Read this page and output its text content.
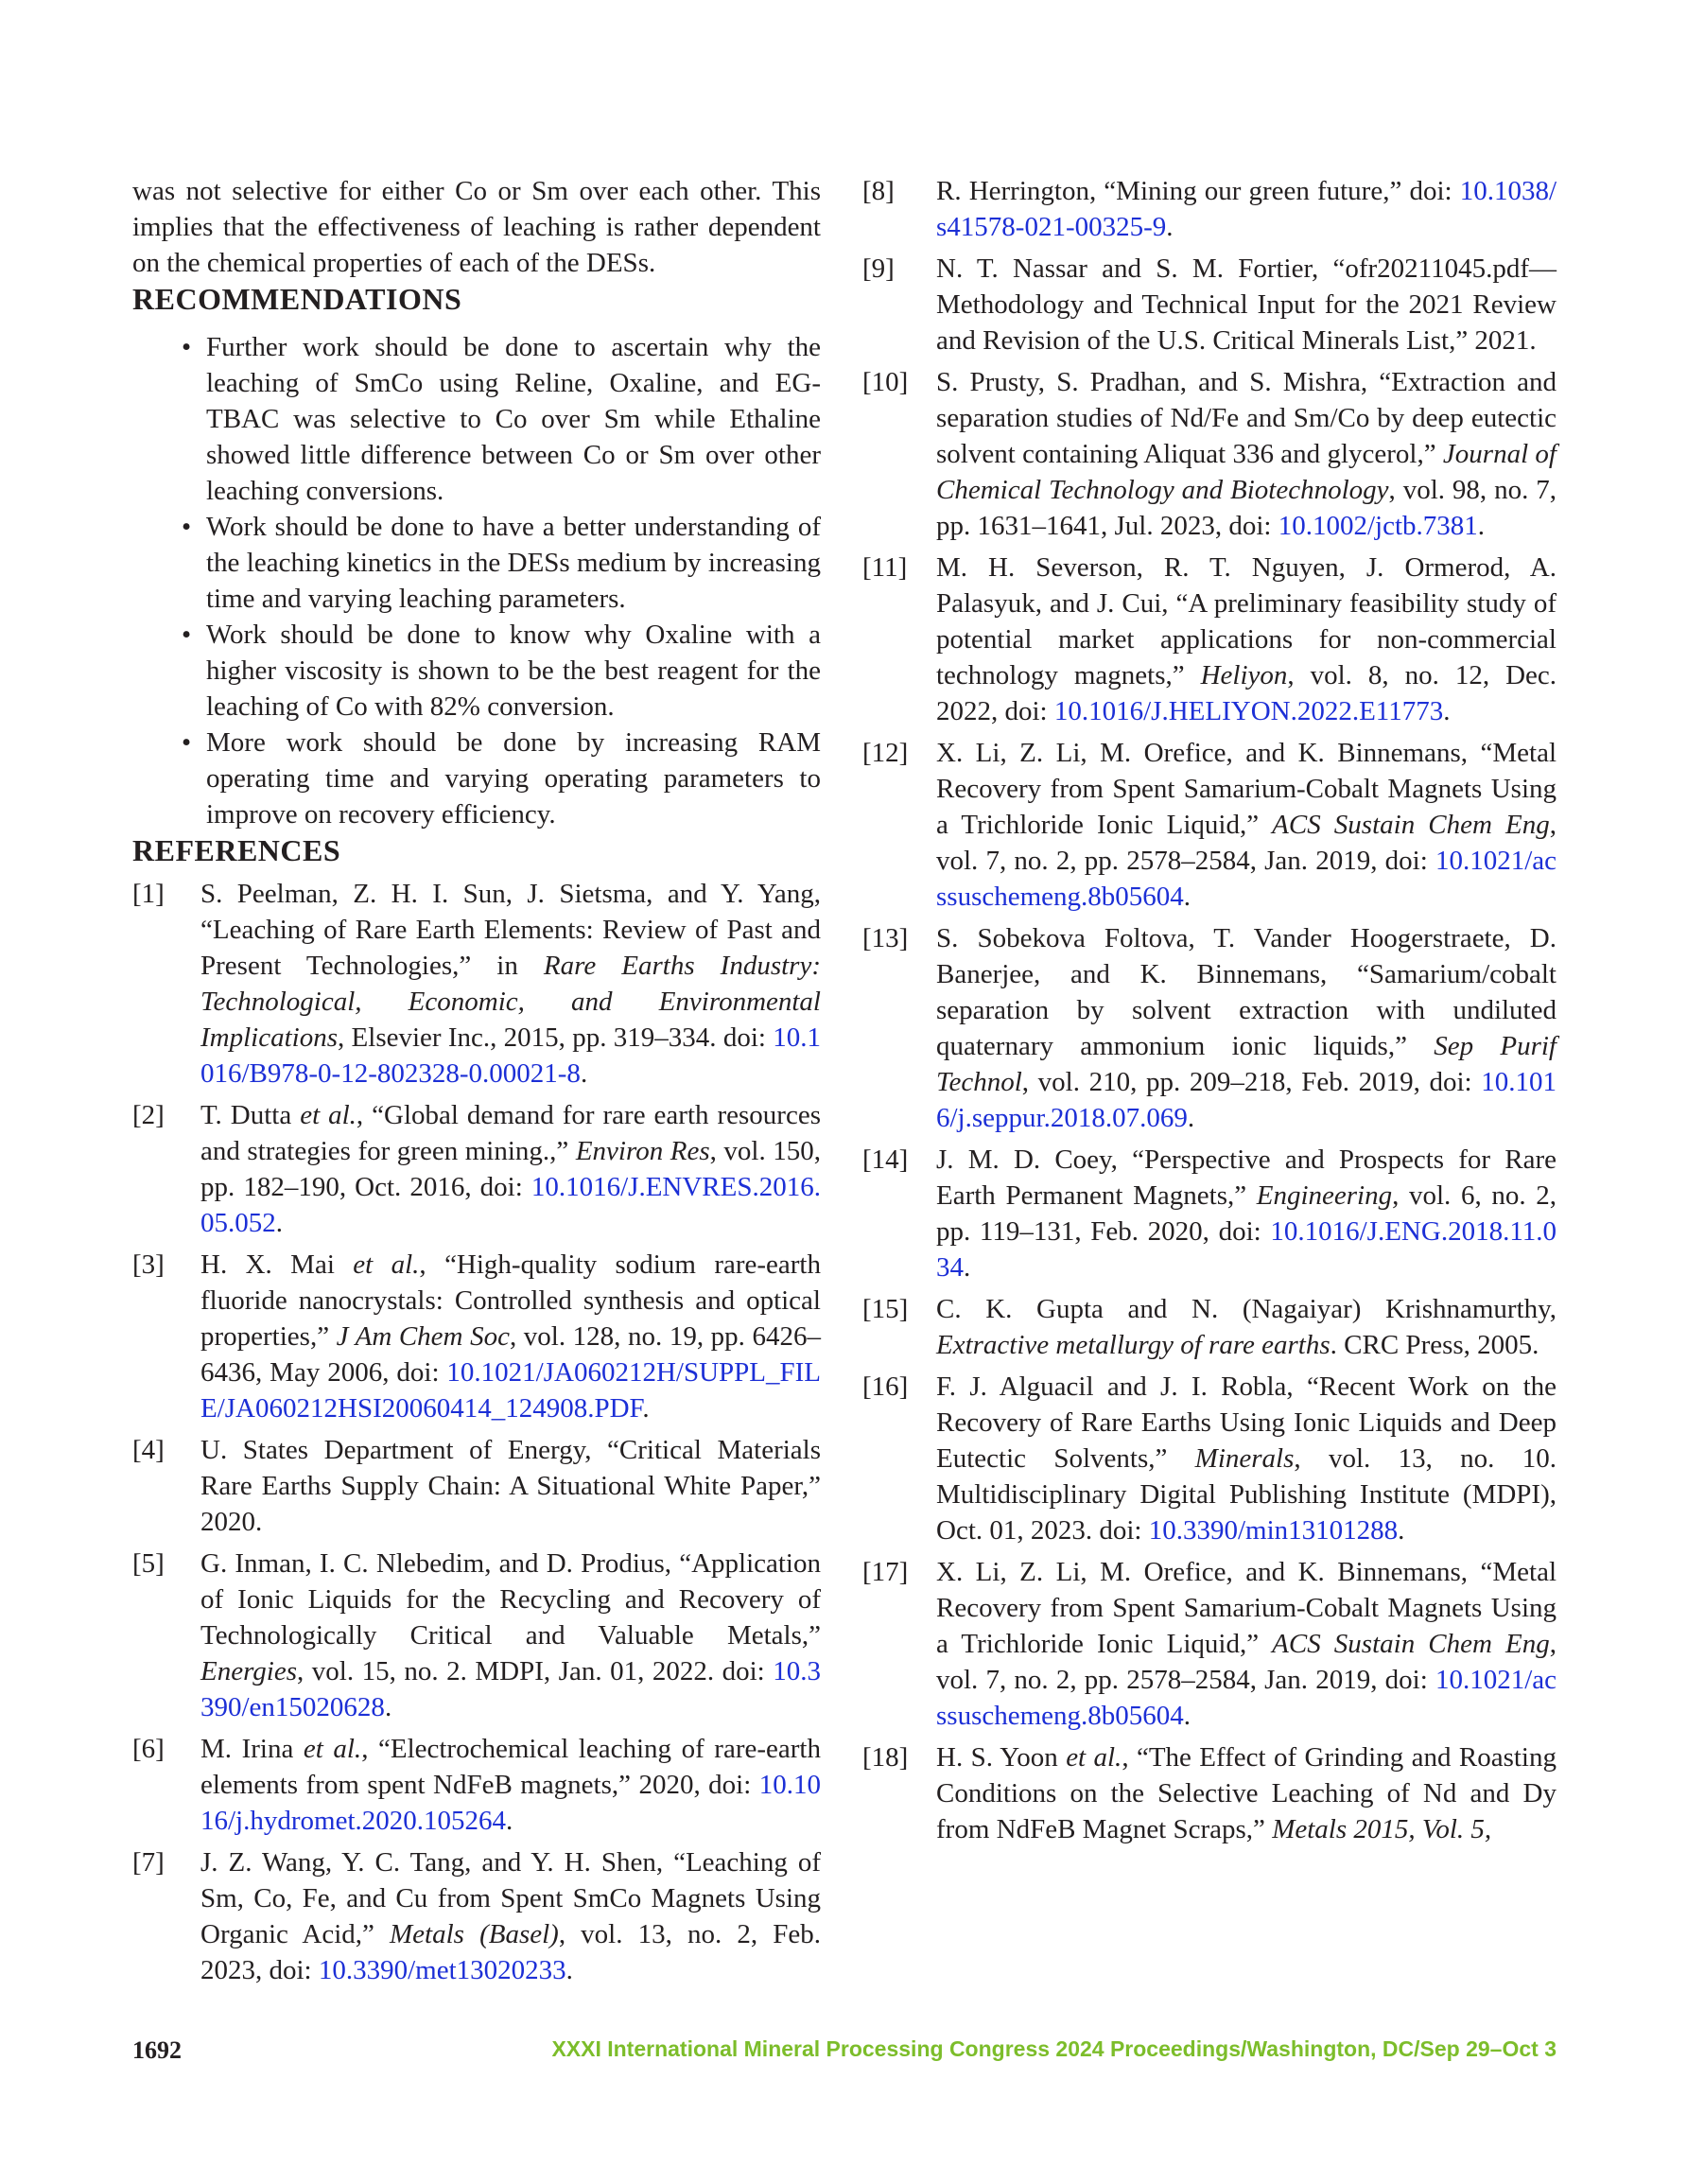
was not selective for either Co or Sm over each other. This implies that the effectiveness of leaching is rather dependent on the chemical properties of each of the DESs.

RECOMMENDATIONS
• Further work should be done to ascertain why the leaching of SmCo using Reline, Oxaline, and EG-TBAC was selective to Co over Sm while Ethaline showed little difference between Co or Sm over other leaching conversions.
• Work should be done to have a better understanding of the leaching kinetics in the DESs medium by increasing time and varying leaching parameters.
• Work should be done to know why Oxaline with a higher viscosity is shown to be the best reagent for the leaching of Co with 82% conversion.
• More work should be done by increasing RAM operating time and varying operating parameters to improve on recovery efficiency.
REFERENCES
[1] S. Peelman, Z. H. I. Sun, J. Sietsma, and Y. Yang, “Leaching of Rare Earth Elements: Review of Past and Present Technologies,” in Rare Earths Industry: Technological, Economic, and Environmental Implications, Elsevier Inc., 2015, pp. 319–334. doi: 10.1016/B978-0-12-802328-0.00021-8.
[2] T. Dutta et al., “Global demand for rare earth resources and strategies for green mining.,” Environ Res, vol. 150, pp. 182–190, Oct. 2016, doi: 10.1016/J.ENVRES.2016.05.052.
[3] H. X. Mai et al., “High-quality sodium rare-earth fluoride nanocrystals: Controlled synthesis and optical properties,” J Am Chem Soc, vol. 128, no. 19, pp. 6426–6436, May 2006, doi: 10.1021/JA060212H/SUPPL_FILE/JA060212HSI20060414_124908.PDF.
[4] U. States Department of Energy, “Critical Materials Rare Earths Supply Chain: A Situational White Paper,” 2020.
[5] G. Inman, I. C. Nlebedim, and D. Prodius, “Application of Ionic Liquids for the Recycling and Recovery of Technologically Critical and Valuable Metals,” Energies, vol. 15, no. 2. MDPI, Jan. 01, 2022. doi: 10.3390/en15020628.
[6] M. Irina et al., “Electrochemical leaching of rare-earth elements from spent NdFeB magnets,” 2020, doi: 10.1016/j.hydromet.2020.105264.
[7] J. Z. Wang, Y. C. Tang, and Y. H. Shen, “Leaching of Sm, Co, Fe, and Cu from Spent SmCo Magnets Using Organic Acid,” Metals (Basel), vol. 13, no. 2, Feb. 2023, doi: 10.3390/met13020233.
[8] R. Herrington, “Mining our green future,” doi: 10.1038/s41578-021-00325-9.
[9] N. T. Nassar and S. M. Fortier, “ofr20211045.pdf—Methodology and Technical Input for the 2021 Review and Revision of the U.S. Critical Minerals List,” 2021.
[10] S. Prusty, S. Pradhan, and S. Mishra, “Extraction and separation studies of Nd/Fe and Sm/Co by deep eutectic solvent containing Aliquat 336 and glycerol,” Journal of Chemical Technology and Biotechnology, vol. 98, no. 7, pp. 1631–1641, Jul. 2023, doi: 10.1002/jctb.7381.
[11] M. H. Severson, R. T. Nguyen, J. Ormerod, A. Palasyuk, and J. Cui, “A preliminary feasibility study of potential market applications for non-commercial technology magnets,” Heliyon, vol. 8, no. 12, Dec. 2022, doi: 10.1016/J.HELIYON.2022.E11773.
[12] X. Li, Z. Li, M. Orefice, and K. Binnemans, “Metal Recovery from Spent Samarium-Cobalt Magnets Using a Trichloride Ionic Liquid,” ACS Sustain Chem Eng, vol. 7, no. 2, pp. 2578–2584, Jan. 2019, doi: 10.1021/acssuschemeng.8b05604.
[13] S. Sobekova Foltova, T. Vander Hoogerstraete, D. Banerjee, and K. Binnemans, “Samarium/cobalt separation by solvent extraction with undiluted quaternary ammonium ionic liquids,” Sep Purif Technol, vol. 210, pp. 209–218, Feb. 2019, doi: 10.1016/j.seppur.2018.07.069.
[14] J. M. D. Coey, “Perspective and Prospects for Rare Earth Permanent Magnets,” Engineering, vol. 6, no. 2, pp. 119–131, Feb. 2020, doi: 10.1016/J.ENG.2018.11.034.
[15] C. K. Gupta and N. (Nagaiyar) Krishnamurthy, Extractive metallurgy of rare earths. CRC Press, 2005.
[16] F. J. Alguacil and J. I. Robla, “Recent Work on the Recovery of Rare Earths Using Ionic Liquids and Deep Eutectic Solvents,” Minerals, vol. 13, no. 10. Multidisciplinary Digital Publishing Institute (MDPI), Oct. 01, 2023. doi: 10.3390/min13101288.
[17] X. Li, Z. Li, M. Orefice, and K. Binnemans, “Metal Recovery from Spent Samarium-Cobalt Magnets Using a Trichloride Ionic Liquid,” ACS Sustain Chem Eng, vol. 7, no. 2, pp. 2578–2584, Jan. 2019, doi: 10.1021/acssuschemeng.8b05604.
[18] H. S. Yoon et al., “The Effect of Grinding and Roasting Conditions on the Selective Leaching of Nd and Dy from NdFeB Magnet Scraps,” Metals 2015, Vol. 5,
1692	XXXI International Mineral Processing Congress 2024 Proceedings/Washington, DC/Sep 29–Oct 3
